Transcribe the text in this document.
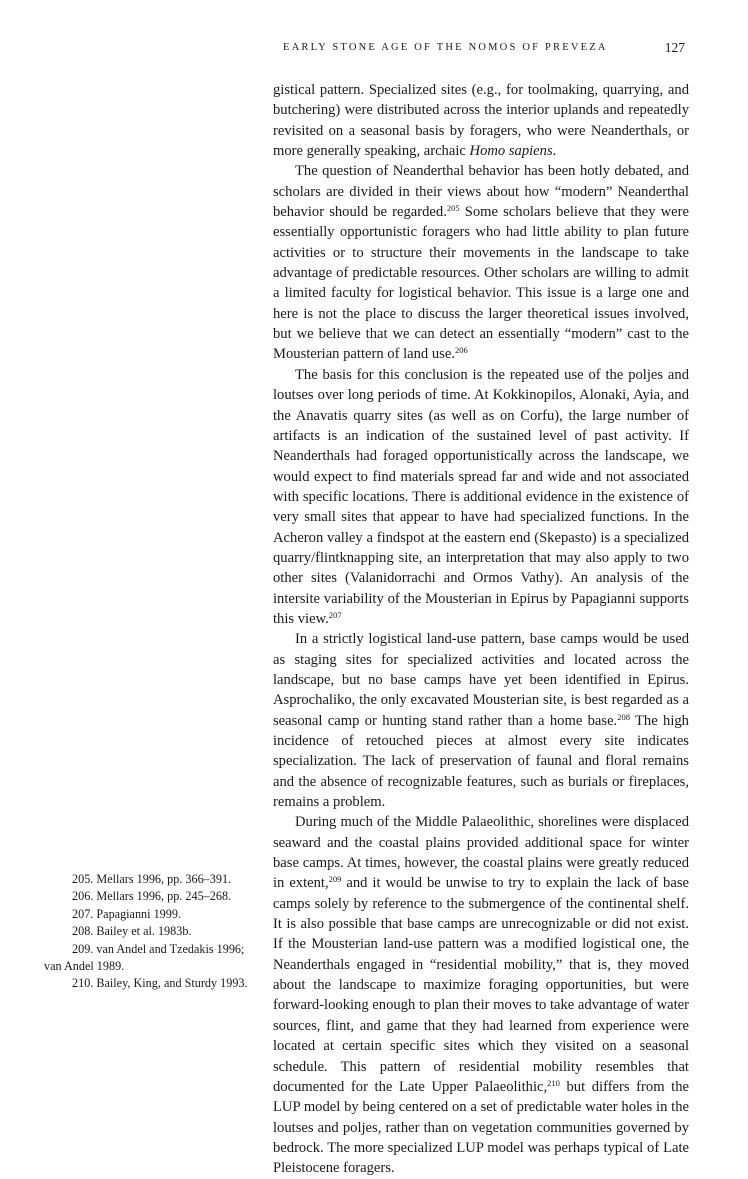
EARLY STONE AGE OF THE NOMOS OF PREVEZA	127

gistical pattern. Specialized sites (e.g., for toolmaking, quarrying, and butchering) were distributed across the interior uplands and repeatedly revisited on a seasonal basis by foragers, who were Neanderthals, or more generally speaking, archaic Homo sapiens.

The question of Neanderthal behavior has been hotly debated, and scholars are divided in their views about how “modern” Neanderthal behavior should be regarded.$^{205}$ Some scholars believe that they were essentially opportunistic foragers who had little ability to plan future activities or to structure their movements in the landscape to take advantage of predictable resources. Other scholars are willing to admit a limited faculty for logistical behavior. This issue is a large one and here is not the place to discuss the larger theoretical issues involved, but we believe that we can detect an essentially “modern” cast to the Mousterian pattern of land use.$^{206}$

The basis for this conclusion is the repeated use of the poljes and loutses over long periods of time. At Kokkinopilos, Alonaki, Ayia, and the Anavatis quarry sites (as well as on Corfu), the large number of artifacts is an indication of the sustained level of past activity. If Neanderthals had foraged opportunistically across the landscape, we would expect to find materials spread far and wide and not associated with specific locations. There is additional evidence in the existence of very small sites that appear to have had specialized functions. In the Acheron valley a findspot at the eastern end (Skepasto) is a specialized quarry/flintknapping site, an interpretation that may also apply to two other sites (Valanidorrachi and Ormos Vathy). An analysis of the intersite variability of the Mousterian in Epirus by Papagianni supports this view.$^{207}$

In a strictly logistical land-use pattern, base camps would be used as staging sites for specialized activities and located across the landscape, but no base camps have yet been identified in Epirus. Asprochaliko, the only excavated Mousterian site, is best regarded as a seasonal camp or hunting stand rather than a home base.$^{208}$ The high incidence of retouched pieces at almost every site indicates specialization. The lack of preservation of faunal and floral remains and the absence of recognizable features, such as burials or fireplaces, remains a problem.

During much of the Middle Palaeolithic, shorelines were displaced seaward and the coastal plains provided additional space for winter base camps. At times, however, the coastal plains were greatly reduced in extent,$^{209}$ and it would be unwise to try to explain the lack of base camps solely by reference to the submergence of the continental shelf. It is also possible that base camps are unrecognizable or did not exist. If the Mousterian land-use pattern was a modified logistical one, the Neanderthals engaged in “residential mobility,” that is, they moved about the landscape to maximize foraging opportunities, but were forward-looking enough to plan their moves to take advantage of water sources, flint, and game that they had learned from experience were located at certain specific sites which they visited on a seasonal schedule. This pattern of residential mobility resembles that documented for the Late Upper Palaeolithic,$^{210}$ but differs from the LUP model by being centered on a set of predictable water holes in the loutses and poljes, rather than on vegetation communities governed by bedrock. The more specialized LUP model was perhaps typical of Late Pleistocene foragers.

205. Mellars 1996, pp. 366–391.
206. Mellars 1996, pp. 245–268.
207. Papagianni 1999.
208. Bailey et al. 1983b.
209. van Andel and Tzedakis 1996; van Andel 1989.
210. Bailey, King, and Sturdy 1993.
